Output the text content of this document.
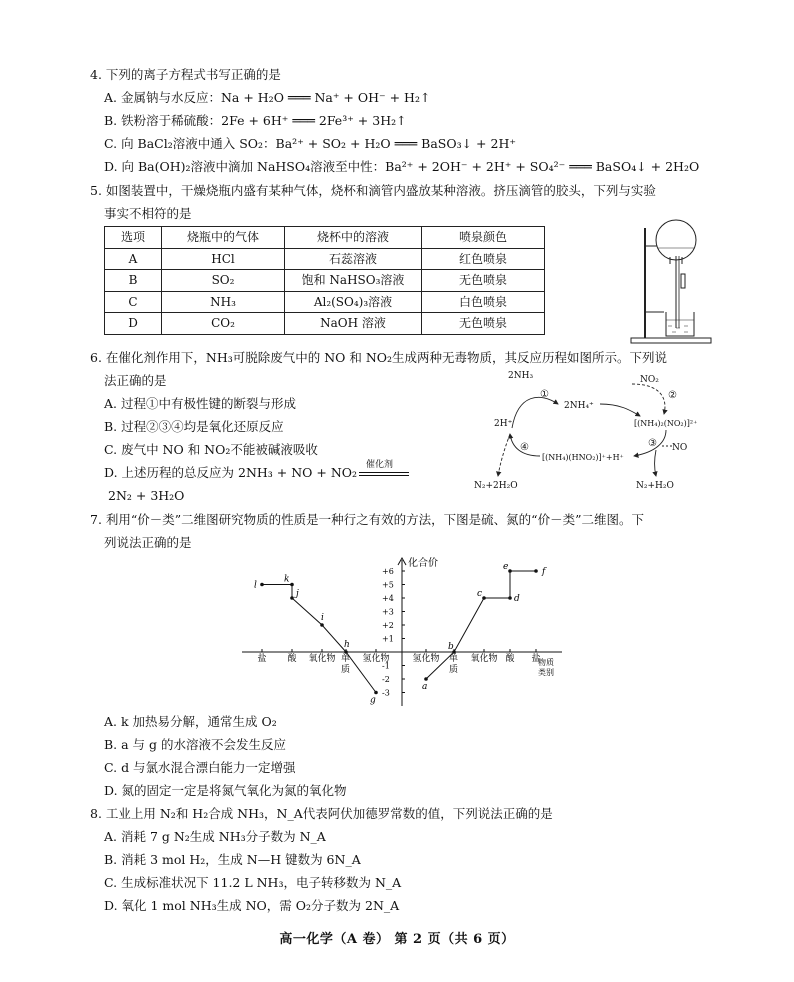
4. 下列的离子方程式书写正确的是
A. 金属钠与水反应：Na + H₂O ═══ Na⁺ + OH⁻ + H₂↑
B. 铁粉溶于稀硫酸：2Fe + 6H⁺ ═══ 2Fe³⁺ + 3H₂↑
C. 向 BaCl₂溶液中通入 SO₂：Ba²⁺ + SO₂ + H₂O ═══ BaSO₃↓ + 2H⁺
D. 向 Ba(OH)₂溶液中滴加 NaHSO₄溶液至中性：Ba²⁺ + 2OH⁻ + 2H⁺ + SO₄²⁻ ═══ BaSO₄↓ + 2H₂O
5. 如图装置中，干燥烧瓶内盛有某种气体，烧杯和滴管内盛放某种溶液。挤压滴管的胶头，下列与实验
事实不相符的是
选项	烧瓶中的气体	烧杯中的溶液	喷泉颜色
A	HCl	石蕊溶液	红色喷泉
B	SO₂	饱和 NaHSO₃溶液	无色喷泉
C	NH₃	Al₂(SO₄)₃溶液	白色喷泉
D	CO₂	NaOH 溶液	无色喷泉
6. 在催化剂作用下，NH₃可脱除废气中的 NO 和 NO₂生成两种无毒物质，其反应历程如图所示。下列说
法正确的是
A. 过程①中有极性键的断裂与形成
B. 过程②③④均是氧化还原反应
C. 废气中 NO 和 NO₂不能被碱液吸收
D. 上述历程的总反应为 2NH₃ + NO + NO₂
催化剂
2N₂ + 3H₂O
2NH₃
①
2NH₄⁺
NO₂
②
[(NH₄)₂(NO₂)]²⁺
2H⁺
③ NO
④
[(NH₄)(HNO₂)]⁺+H⁺
N₂+2H₂O	N₂+H₂O
7. 利用“价－类”二维图研究物质的性质是一种行之有效的方法，下图是硫、氮的“价－类”二维图。下
列说法正确的是
化合价
物质
类别
+6
+5
+4
+3
+2
+1
-1
-2
-3
盐 酸 氧化物 单
质
氢化物	氢化物 单
质
氧化物 酸 盐
l
k
j
i
h
g
a
b
c	d
e	f
A. k 加热易分解，通常生成 O₂
B. a 与 g 的水溶液不会发生反应
C. d 与氯水混合漂白能力一定增强
D. 氮的固定一定是将氮气氧化为氮的氧化物
8. 工业上用 N₂和 H₂合成 NH₃，N_A代表阿伏加德罗常数的值，下列说法正确的是
A. 消耗 7 g N₂生成 NH₃分子数为 N_A
B. 消耗 3 mol H₂，生成 N—H 键数为 6N_A
C. 生成标准状况下 11.2 L NH₃，电子转移数为 N_A
D. 氧化 1 mol NH₃生成 NO，需 O₂分子数为 2N_A
高一化学（A 卷） 第 2 页（共 6 页）
